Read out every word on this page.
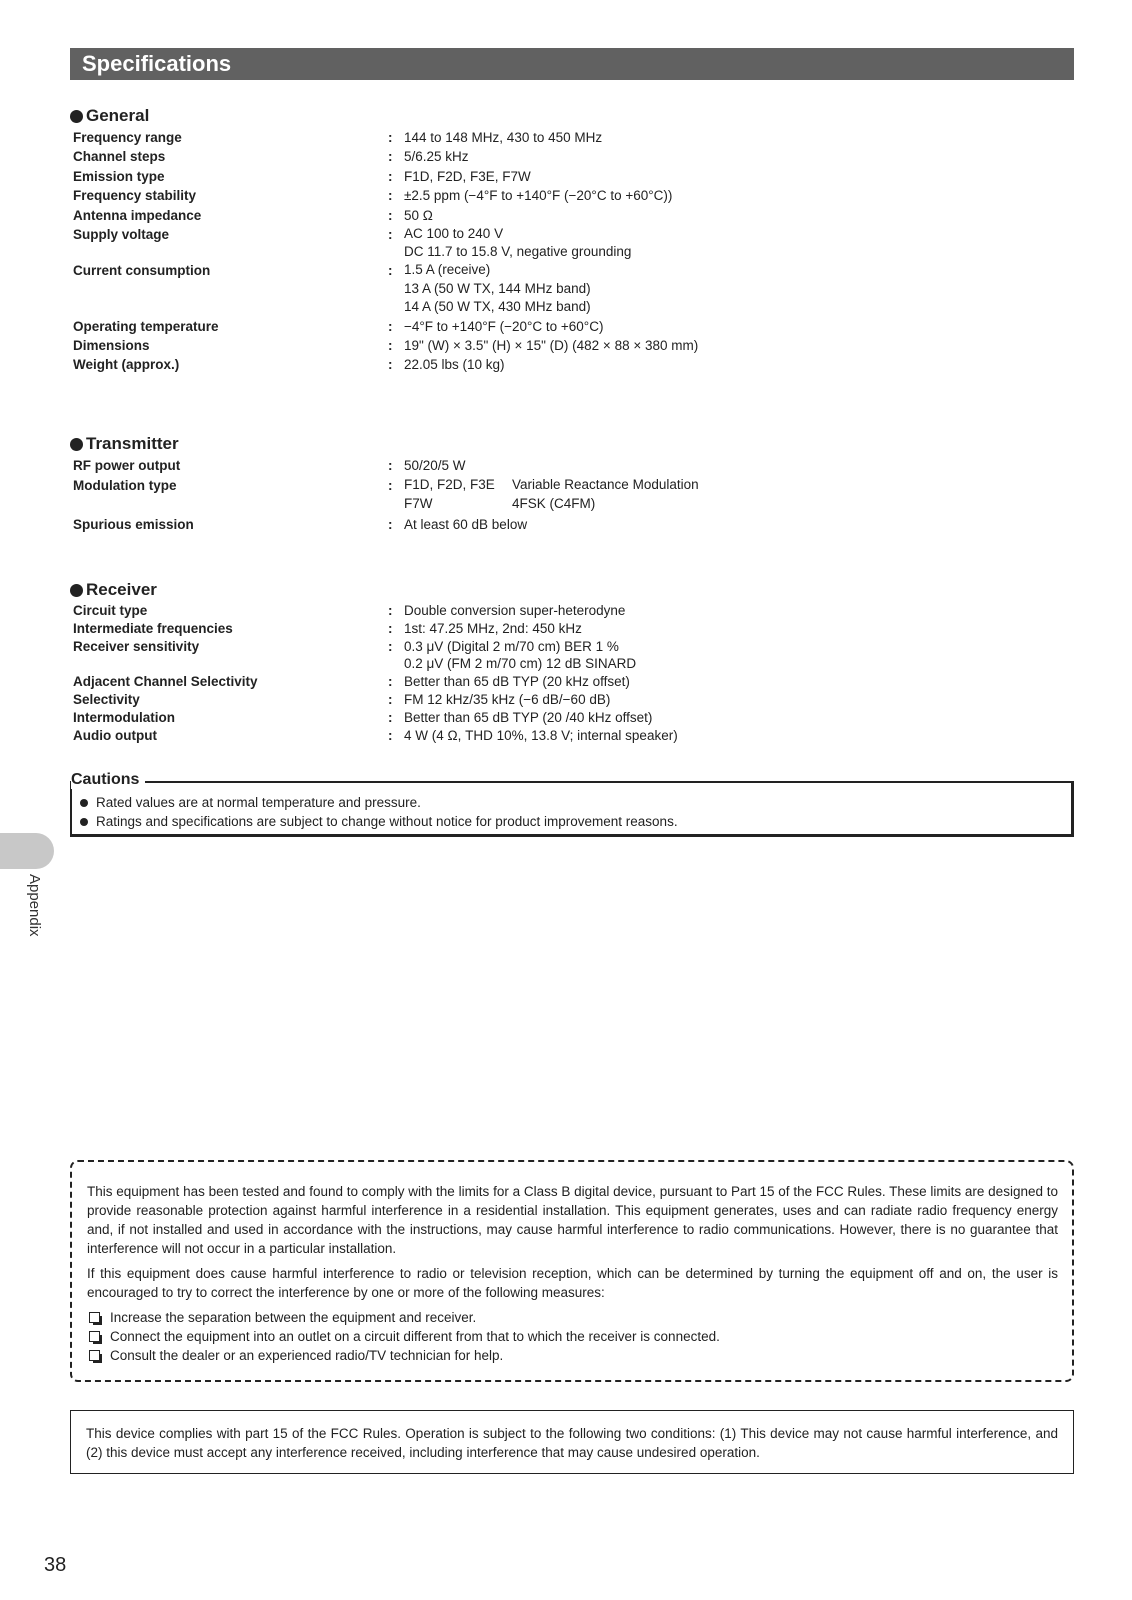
Specifications
General
Frequency range	: 144 to 148 MHz, 430 to 450 MHz
Channel steps	: 5/6.25 kHz
Emission type	: F1D, F2D, F3E, F7W
Frequency stability	: ±2.5 ppm (−4°F to +140°F (−20°C to +60°C))
Antenna impedance	: 50 Ω
Supply voltage	: AC 100 to 240 V
DC 11.7 to 15.8 V, negative grounding
Current consumption	: 1.5 A (receive)
13 A (50 W TX, 144 MHz band)
14 A (50 W TX, 430 MHz band)
Operating temperature	: −4°F to +140°F (−20°C to +60°C)
Dimensions	: 19" (W) × 3.5" (H) × 15" (D) (482 × 88 × 380 mm)
Weight (approx.)	: 22.05 lbs (10 kg)
Transmitter
RF power output	: 50/20/5 W
Modulation type	: F1D, F2D, F3E	Variable Reactance Modulation
F7W	4FSK (C4FM)
Spurious emission	: At least 60 dB below
Receiver
Circuit type	: Double conversion super-heterodyne
Intermediate frequencies	: 1st: 47.25 MHz, 2nd: 450 kHz
Receiver sensitivity	: 0.3 μV (Digital 2 m/70 cm) BER 1 %
0.2 μV (FM 2 m/70 cm) 12 dB SINARD
Adjacent Channel Selectivity	: Better than 65 dB TYP (20 kHz offset)
Selectivity	: FM 12 kHz/35 kHz (−6 dB/−60 dB)
Intermodulation	: Better than 65 dB TYP (20 /40 kHz offset)
Audio output	: 4 W (4 Ω, THD 10%, 13.8 V; internal speaker)
Cautions
Rated values are at normal temperature and pressure.
Ratings and specifications are subject to change without notice for product improvement reasons.
Appendix

This equipment has been tested and found to comply with the limits for a Class B digital device, pursuant to Part 15 of the FCC Rules. These limits are designed to provide reasonable protection against harmful interference in a residential installation. This equipment generates, uses and can radiate radio frequency energy and, if not installed and used in accordance with the instructions, may cause harmful interference to radio communications. However, there is no guarantee that interference will not occur in a particular installation.

If this equipment does cause harmful interference to radio or television reception, which can be determined by turning the equipment off and on, the user is encouraged to try to correct the interference by one or more of the following measures:

Increase the separation between the equipment and receiver.
Connect the equipment into an outlet on a circuit different from that to which the receiver is connected.
Consult the dealer or an experienced radio/TV technician for help.
This device complies with part 15 of the FCC Rules. Operation is subject to the following two conditions: (1) This device may not cause harmful interference, and (2) this device must accept any interference received, including interference that may cause undesired operation.
38
